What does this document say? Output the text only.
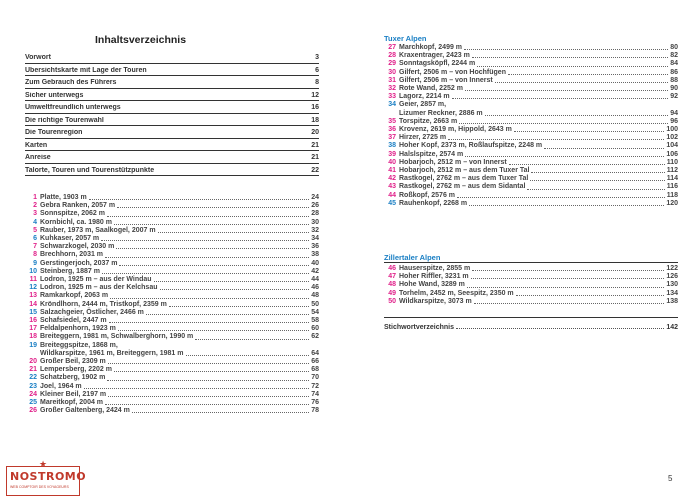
Inhaltsverzeichnis
Vorwort	3
Übersichtskarte mit Lage der Touren	6
Zum Gebrauch des Führers	8
Sicher unterwegs	12
Umweltfreundlich unterwegs	16
Die richtige Tourenwahl	18
Die Tourenregion	20
Karten	21
Anreise	21
Talorte, Touren und Tourenstützpunkte	22
1 Platte, 1903 m	24
2 Gebra Ranken, 2057 m	26
3 Sonnspitze, 2062 m	28
4 Kornbichl, ca. 1980 m	30
5 Rauber, 1973 m, Saalkogel, 2007 m	32
6 Kuhkaser, 2057 m	34
7 Schwarzkogel, 2030 m	36
8 Brechhorn, 2031 m	38
9 Gerstingerjoch, 2037 m	40
10 Steinberg, 1887 m	42
11 Lodron, 1925 m – aus der Windau	44
12 Lodron, 1925 m – aus der Kelchsau	46
13 Ramkarkopf, 2063 m	48
14 Kröndlhorn, 2444 m, Tristkopf, 2359 m	50
15 Salzachgeier, Östlicher, 2466 m	54
16 Schafsiedel, 2447 m	58
17 Feldalpenhorn, 1923 m	60
18 Breiteggern, 1981 m, Schwalberghorn, 1990 m	62
19 Breiteggspitze, 1868 m,
Wildkarspitze, 1961 m, Breiteggern, 1981 m	64
20 Großer Beil, 2309 m	66
21 Lempersberg, 2202 m	68
22 Schatzberg, 1902 m	70
23 Joel, 1964 m	72
24 Kleiner Beil, 2197 m	74
25 Mareitkopf, 2004 m	76
26 Großer Galtenberg, 2424 m	78
Tuxer Alpen
27 Marchkopf, 2499 m	80
28 Kraxentrager, 2423 m	82
29 Sonntagsköpfl, 2244 m	84
30 Gilfert, 2506 m – von Hochfügen	86
31 Gilfert, 2506 m – von Innerst	88
32 Rote Wand, 2252 m	90
33 Lagorz, 2214 m	92
34 Geier, 2857 m,
Lizumer Reckner, 2886 m	94
35 Torspitze, 2663 m	96
36 Krovenz, 2619 m, Hippold, 2643 m	100
37 Hirzer, 2725 m	102
38 Hoher Kopf, 2373 m, Roßlaufspitze, 2248 m	104
39 Halslspitze, 2574 m	106
40 Hobarjoch, 2512 m – von Innerst	110
41 Hobarjoch, 2512 m – aus dem Tuxer Tal	112
42 Rastkogel, 2762 m – aus dem Tuxer Tal	114
43 Rastkogel, 2762 m – aus dem Sidantal	116
44 Roßkopf, 2576 m	118
45 Rauhenkopf, 2268 m	120
Zillertaler Alpen
46 Hauserspitze, 2855 m	122
47 Hoher Riffler, 3231 m	126
48 Hohe Wand, 3289 m	130
49 Torhelm, 2452 m, Seespitz, 2350 m	134
50 Wildkarspitze, 3073 m	138
Stichwortverzeichnis	142
5
★
NOSTROMO
WEB COMPTOIR DES VOYAGEURS
